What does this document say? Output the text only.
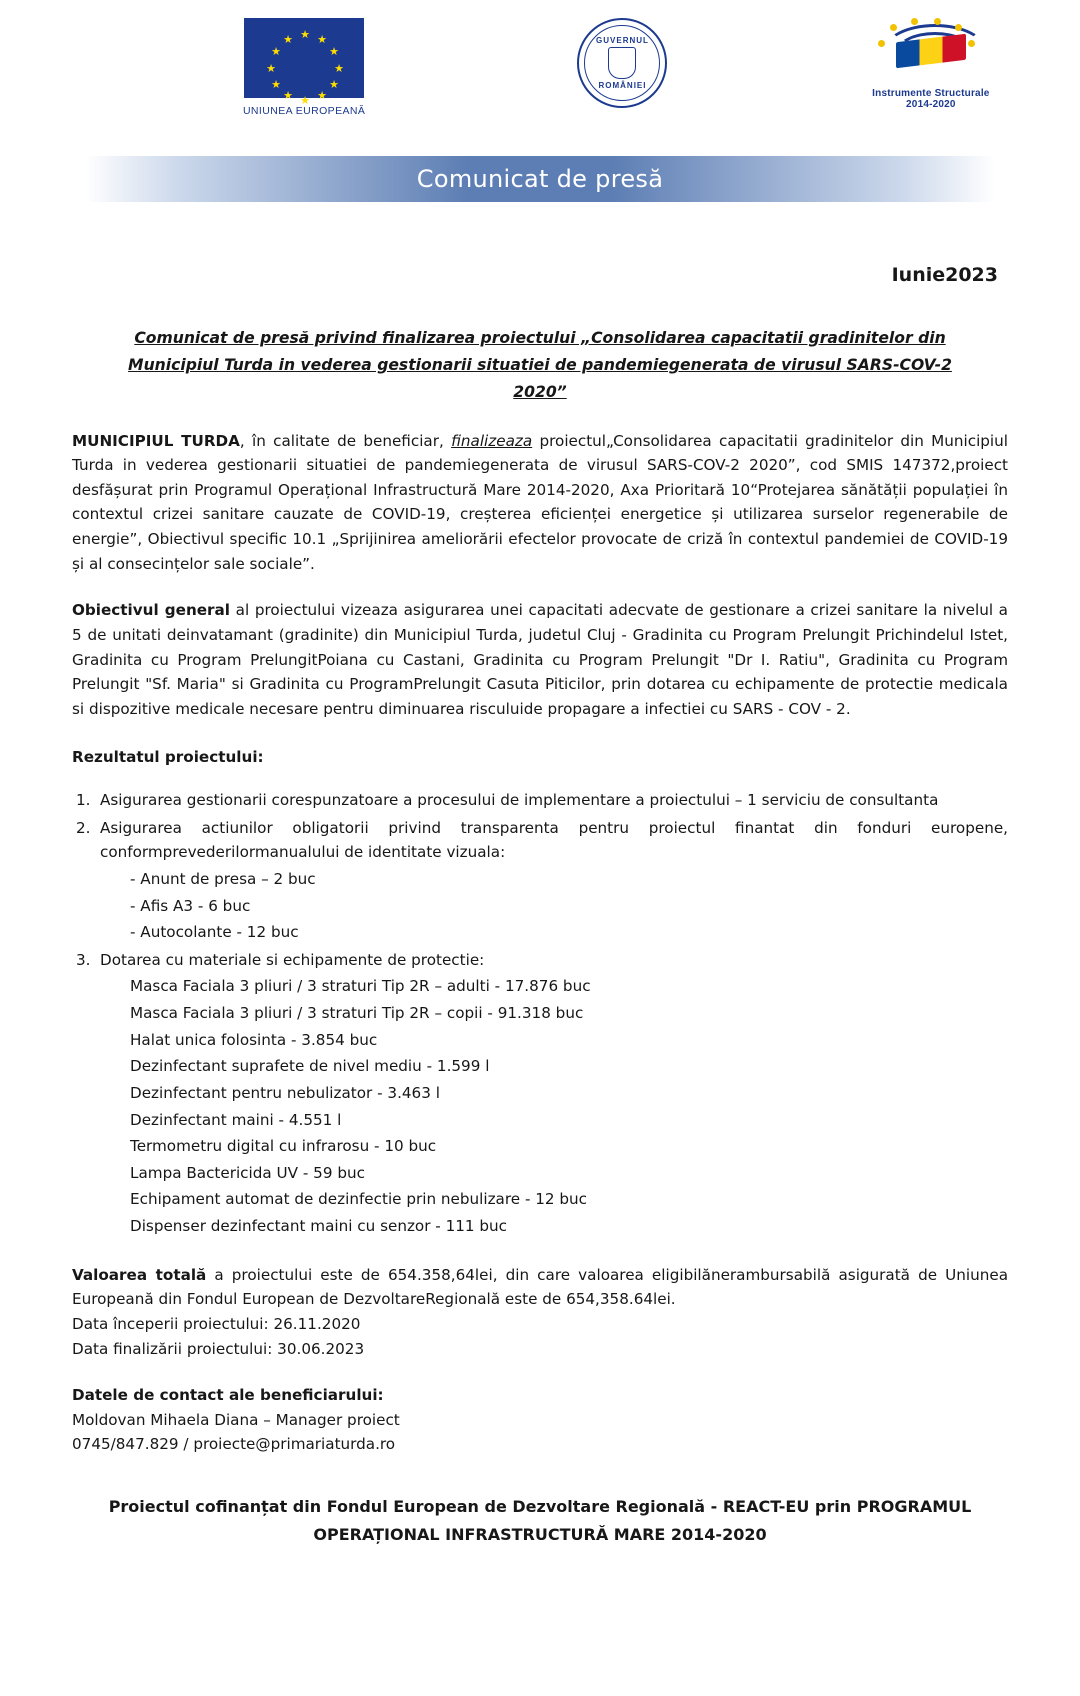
★ ★
★
★
★
★
★
★
★
★
★
★
UNIUNEA EUROPEANĂ
GUVERNUL
ROMÂNIEI
Instrumente Structurale
2014-2020
Comunicat de presă
Iunie2023
Comunicat de presă privind finalizarea proiectului „Consolidarea capacitatii gradinitelor din
Municipiul Turda in vederea gestionarii situatiei de pandemiegenerata de virusul SARS-COV-2 2020”

MUNICIPIUL TURDA, în calitate de beneficiar, finalizeaza proiectul„Consolidarea capacitatii gradinitelor din Municipiul Turda in vederea gestionarii situatiei de pandemiegenerata de virusul SARS-COV-2 2020”, cod SMIS 147372,proiect desfășurat prin Programul Operațional Infrastructură Mare 2014-2020, Axa Prioritară 10“Protejarea sănătății populației în contextul crizei sanitare cauzate de COVID-19, creșterea eficienței energetice și utilizarea surselor regenerabile de energie”, Obiectivul specific 10.1 „Sprijinirea ameliorării efectelor provocate de criză în contextul pandemiei de COVID-19 și al consecințelor sale sociale”.

Obiectivul general al proiectului vizeaza asigurarea unei capacitati adecvate de gestionare a crizei sanitare la nivelul a 5 de unitati deinvatamant (gradinite) din Municipiul Turda, judetul Cluj - Gradinita cu Program Prelungit Prichindelul Istet, Gradinita cu Program PrelungitPoiana cu Castani, Gradinita cu Program Prelungit "Dr I. Ratiu", Gradinita cu Program Prelungit "Sf. Maria" si Gradinita cu ProgramPrelungit Casuta Piticilor, prin dotarea cu echipamente de protectie medicala si dispozitive medicale necesare pentru diminuarea risculuide propagare a infectiei cu SARS - COV - 2.

Rezultatul proiectului:
1. Asigurarea gestionarii corespunzatoare a procesului de implementare a proiectului – 1 serviciu de consultanta
2. Asigurarea actiunilor obligatorii privind transparenta pentru proiectul finantat din fonduri europene, conformprevederilormanualului de identitate vizuala:
- Anunt de presa – 2 buc
- Afis A3 - 6 buc
- Autocolante - 12 buc
3. Dotarea cu materiale si echipamente de protectie:
Masca Faciala 3 pliuri / 3 straturi Tip 2R – adulti - 17.876 buc
Masca Faciala 3 pliuri / 3 straturi Tip 2R – copii - 91.318 buc
Halat unica folosinta - 3.854 buc
Dezinfectant suprafete de nivel mediu - 1.599 l
Dezinfectant pentru nebulizator - 3.463 l
Dezinfectant maini - 4.551 l
Termometru digital cu infrarosu - 10 buc
Lampa Bactericida UV - 59 buc
Echipament automat de dezinfectie prin nebulizare - 12 buc
Dispenser dezinfectant maini cu senzor - 111 buc
Valoarea totală a proiectului este de 654.358,64lei, din care valoarea eligibilănerambursabilă asigurată de Uniunea Europeană din Fondul European de DezvoltareRegională este de 654,358.64lei.
Data începerii proiectului: 26.11.2020
Data finalizării proiectului: 30.06.2023
Datele de contact ale beneficiarului:
Moldovan Mihaela Diana – Manager proiect
0745/847.829 / proiecte@primariaturda.ro
Proiectul cofinanțat din Fondul European de Dezvoltare Regională - REACT-EU prin PROGRAMUL
OPERAȚIONAL INFRASTRUCTURĂ MARE 2014-2020
